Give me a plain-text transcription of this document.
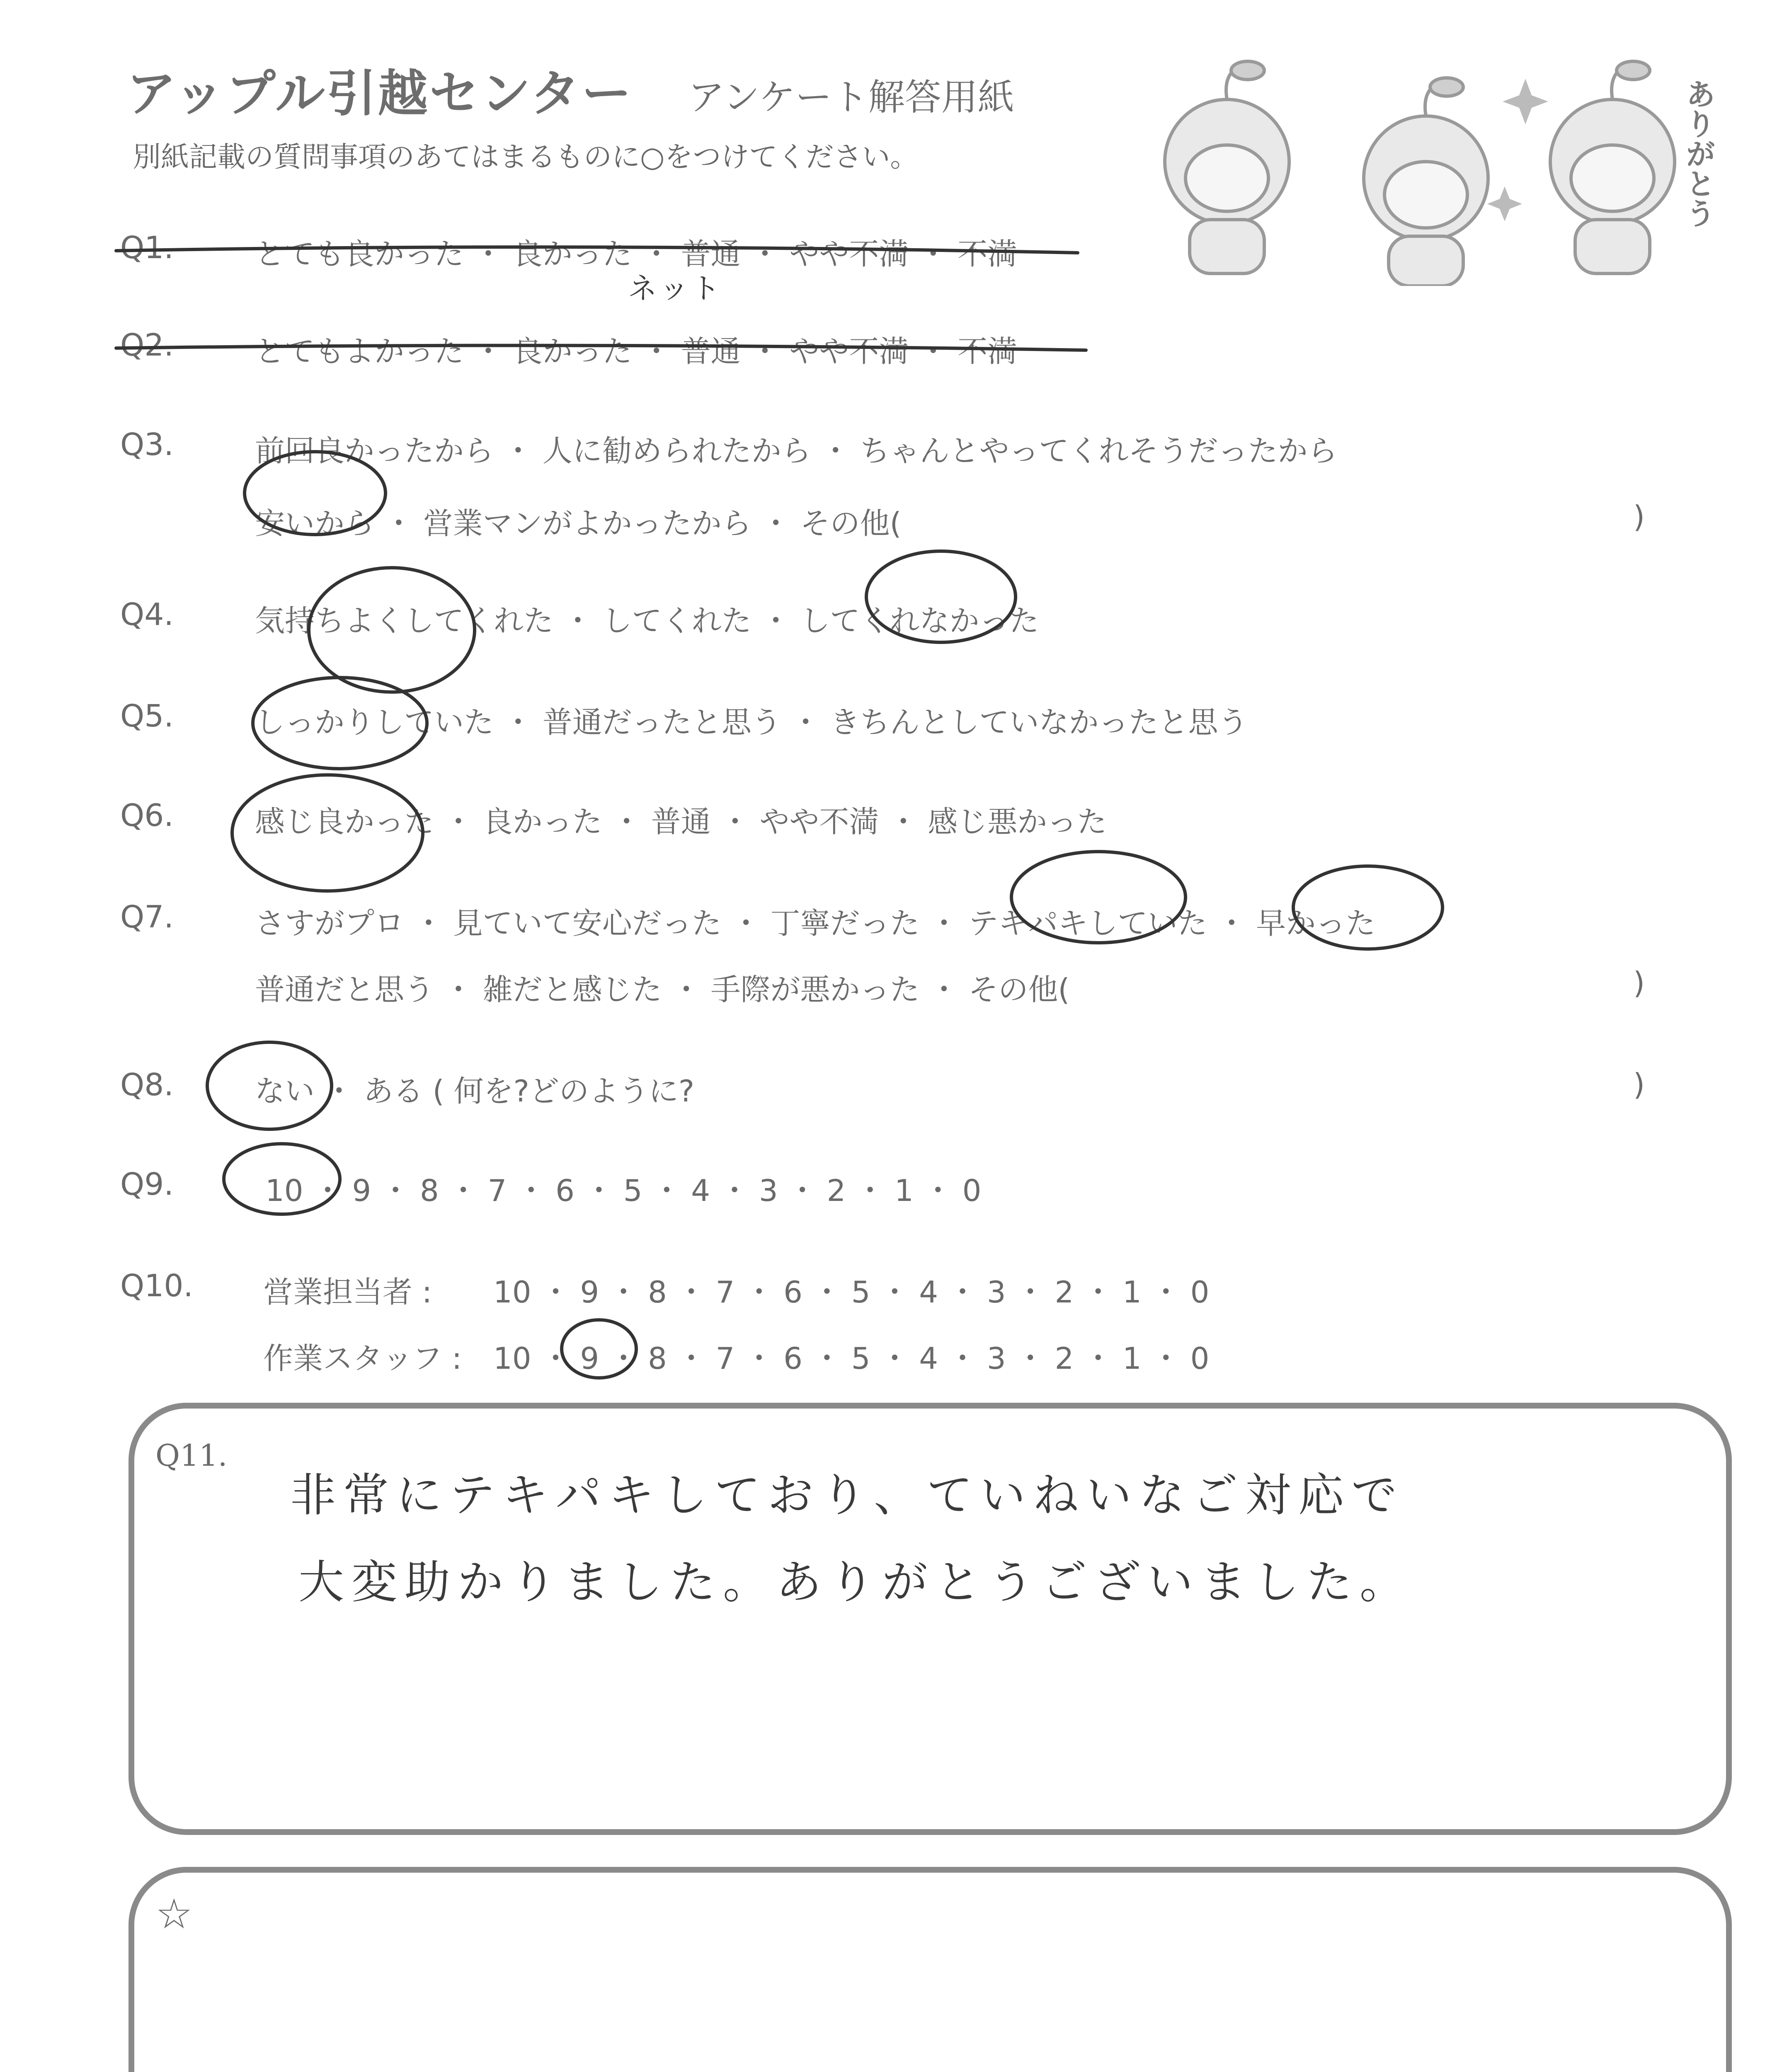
アップル引越センター アンケート解答用紙
別紙記載の質問事項のあてはまるものに○をつけてください。	ありがとう
Q1.	とても良かった ・ 良かった ・ 普通 ・ やや不満 ・ 不満
ネット
Q2.	とてもよかった ・ 良かった ・ 普通 ・ やや不満 ・ 不満
Q3.	前回良かったから ・ 人に勧められたから ・ ちゃんとやってくれそうだったから
安いから ・ 営業マンがよかったから ・ その他(	)
Q4.	気持ちよくしてくれた ・ してくれた ・ してくれなかった
Q5.	しっかりしていた ・ 普通だったと思う ・ きちんとしていなかったと思う
Q6.	感じ良かった ・ 良かった ・ 普通 ・ やや不満 ・ 感じ悪かった
Q7.	さすがプロ ・ 見ていて安心だった ・ 丁寧だった ・ テキパキしていた ・ 早かった
普通だと思う ・ 雑だと感じた ・ 手際が悪かった ・ その他(	)
Q8.	ない ・ ある ( 何を?どのように?	)
Q9.	10 ・ 9 ・ 8 ・ 7 ・ 6 ・ 5 ・ 4 ・ 3 ・ 2 ・ 1 ・ 0
Q10. 営業担当者 : 10 ・ 9 ・ 8 ・ 7 ・ 6 ・ 5 ・ 4 ・ 3 ・ 2 ・ 1 ・ 0
作業スタッフ : 10 ・ 9 ・ 8 ・ 7 ・ 6 ・ 5 ・ 4 ・ 3 ・ 2 ・ 1 ・ 0
Q11.
非常にテキパキしており、ていねいなご対応で
大変助かりました。ありがとうございました。
☆
